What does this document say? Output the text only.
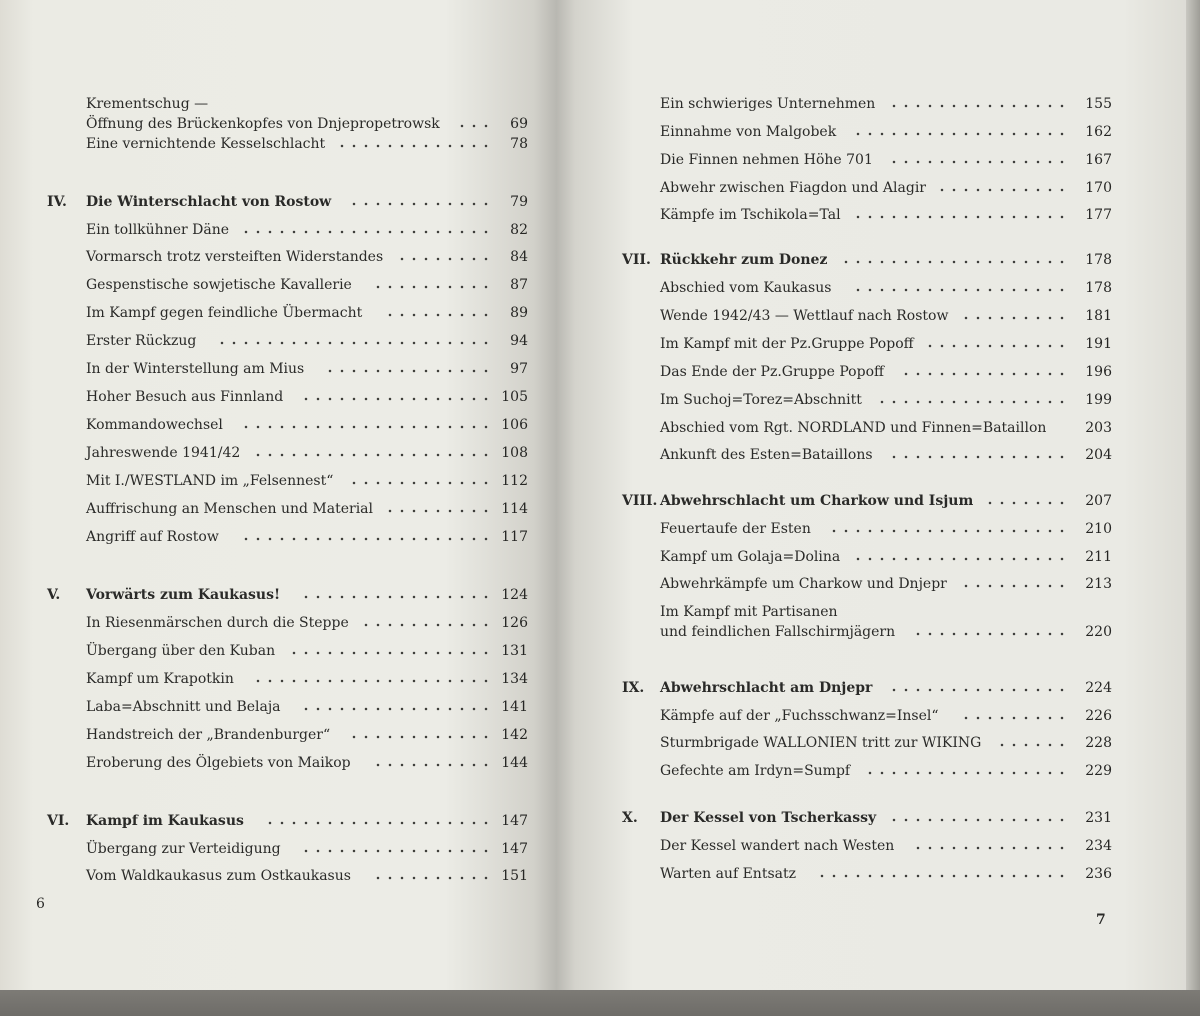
Krementschug —
Öffnung des Brückenkopfes von Dnjepropetrowsk	69
Eine vernichtende Kesselschlacht	78
IV. Die Winterschlacht von Rostow	79
Ein tollkühner Däne	82
Vormarsch trotz versteiften Widerstandes	84
Gespenstische sowjetische Kavallerie	87
Im Kampf gegen feindliche Übermacht	89
Erster Rückzug	94
In der Winterstellung am Mius	97
Hoher Besuch aus Finnland	105
Kommandowechsel	106
Jahreswende 1941/42	108
Mit I./WESTLAND im „Felsennest“	112
Auffrischung an Menschen und Material	114
Angriff auf Rostow	117
V. Vorwärts zum Kaukasus!	124
In Riesenmärschen durch die Steppe	126
Übergang über den Kuban	131
Kampf um Krapotkin	134
Laba=Abschnitt und Belaja	141
Handstreich der „Brandenburger“	142
Eroberung des Ölgebiets von Maikop	144
VI. Kampf im Kaukasus	147
Übergang zur Verteidigung	147
Vom Waldkaukasus zum Ostkaukasus	151
Ein schwieriges Unternehmen	155
Einnahme von Malgobek	162
Die Finnen nehmen Höhe 701	167
Abwehr zwischen Fiagdon und Alagir	170
Kämpfe im Tschikola=Tal	177
VII. Rückkehr zum Donez	178
Abschied vom Kaukasus	178
Wende 1942/43 — Wettlauf nach Rostow	181
Im Kampf mit der Pz.Gruppe Popoff	191
Das Ende der Pz.Gruppe Popoff	196
Im Suchoj=Torez=Abschnitt	199
Abschied vom Rgt. NORDLAND und Finnen=Bataillon	203
Ankunft des Esten=Bataillons	204
VIII. Abwehrschlacht um Charkow und Isjum	207
Feuertaufe der Esten	210
Kampf um Golaja=Dolina	211
Abwehrkämpfe um Charkow und Dnjepr	213
Im Kampf mit Partisanen
und feindlichen Fallschirmjägern	220
IX. Abwehrschlacht am Dnjepr	224
Kämpfe auf der „Fuchsschwanz=Insel“	226
Sturmbrigade WALLONIEN tritt zur WIKING	228
Gefechte am Irdyn=Sumpf	229
X. Der Kessel von Tscherkassy	231
Der Kessel wandert nach Westen	234
Warten auf Entsatz	236
6
7
